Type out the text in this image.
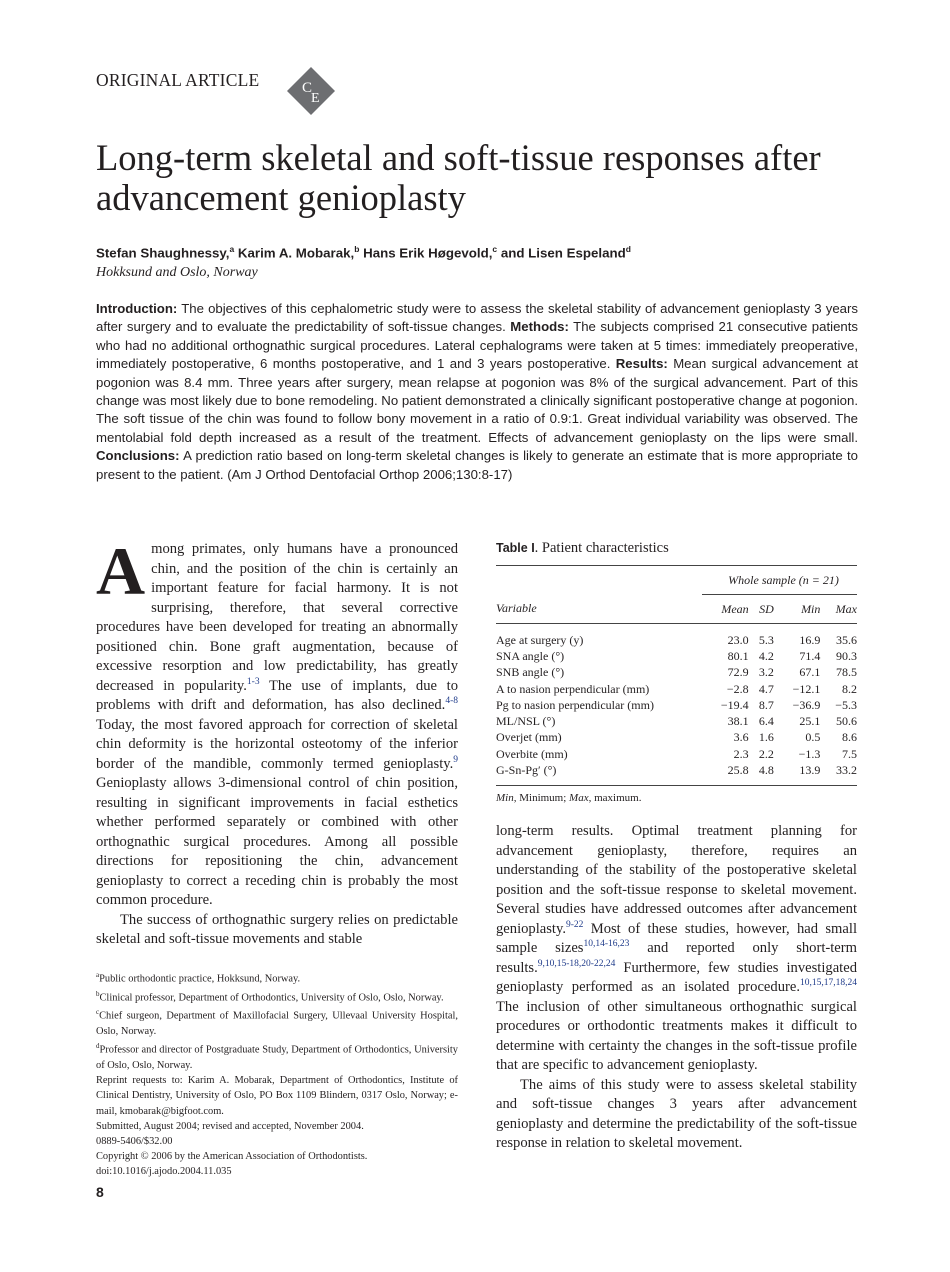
ORIGINAL ARTICLE	C
E
Long-term skeletal and soft-tissue responses after advancement genioplasty
Stefan Shaughnessy,$^a$ Karim A. Mobarak,$^b$ Hans Erik Høgevold,$^c$ and Lisen Espeland$^d$
Hokksund and Oslo, Norway
Introduction: The objectives of this cephalometric study were to assess the skeletal stability of advancement genioplasty 3 years after surgery and to evaluate the predictability of soft-tissue changes. Methods: The subjects comprised 21 consecutive patients who had no additional orthognathic surgical procedures. Lateral cephalograms were taken at 5 times: immediately preoperative, immediately postoperative, 6 months postoperative, and 1 and 3 years postoperative. Results: Mean surgical advancement at pogonion was 8.4 mm. Three years after surgery, mean relapse at pogonion was 8% of the surgical advancement. Part of this change was most likely due to bone remodeling. No patient demonstrated a clinically significant postoperative change at pogonion. The soft tissue of the chin was found to follow bony movement in a ratio of 0.9:1. Great individual variability was observed. The mentolabial fold depth increased as a result of the treatment. Effects of advancement genioplasty on the lips were small. Conclusions: A prediction ratio based on long-term skeletal changes is likely to generate an estimate that is more appropriate to present to the patient. (Am J Orthod Dentofacial Orthop 2006;130:8-17)

Among primates, only humans have a pronounced chin, and the position of the chin is certainly an important feature for facial harmony. It is not surprising, therefore, that several corrective procedures have been developed for treating an abnormally positioned chin. Bone graft augmentation, because of excessive resorption and low predictability, has greatly decreased in popularity.$^{1-3}$ The use of implants, due to problems with drift and deformation, has also declined.$^{4-8}$ Today, the most favored approach for correction of skeletal chin deformity is the horizontal osteotomy of the inferior border of the mandible, commonly termed genioplasty.$^9$ Genioplasty allows 3-dimensional control of chin position, resulting in significant improvements in facial esthetics whether performed separately or combined with other orthognathic surgical procedures. Among all possible directions for repositioning the chin, advancement genioplasty to correct a receding chin is probably the most common procedure.

The success of orthognathic surgery relies on predictable skeletal and soft-tissue movements and stable

long-term results. Optimal treatment planning for advancement genioplasty, therefore, requires an understanding of the stability of the postoperative skeletal position and the soft-tissue response to skeletal movement. Several studies have addressed outcomes after advancement genioplasty.$^{9-22}$ Most of these studies, however, had small sample sizes$^{10,14-16,23}$ and reported only short-term results.$^{9,10,15-18,20-22,24}$ Furthermore, few studies investigated genioplasty performed as an isolated procedure.$^{10,15,17,18,24}$ The inclusion of other simultaneous orthognathic surgical procedures or orthodontic treatments makes it difficult to determine with certainty the changes in the soft-tissue profile that are specific to advancement genioplasty.

The aims of this study were to assess skeletal stability and soft-tissue changes 3 years after advancement genioplasty and determine the predictability of the soft-tissue response in relation to skeletal movement.

Table I. Patient characteristics
	Whole sample (n = 21)			
Variable	Mean	SD	Min	Max
Age at surgery (y)	23.0	5.3	16.9	35.6
SNA angle (°)	80.1	4.2	71.4	90.3
SNB angle (°)	72.9	3.2	67.1	78.5
A to nasion perpendicular (mm)	−2.8	4.7	−12.1	8.2
Pg to nasion perpendicular (mm)	−19.4	8.7	−36.9	−5.3
ML/NSL (°)	38.1	6.4	25.1	50.6
Overjet (mm)	3.6	1.6	0.5	8.6
Overbite (mm)	2.3	2.2	−1.3	7.5
G-Sn-Pg′ (°)	25.8	4.8	13.9	33.2
Min, Minimum; Max, maximum.
$^a$Public orthodontic practice, Hokksund, Norway.
$^b$Clinical professor, Department of Orthodontics, University of Oslo, Oslo, Norway.
$^c$Chief surgeon, Department of Maxillofacial Surgery, Ullevaal University Hospital, Oslo, Norway.
$^d$Professor and director of Postgraduate Study, Department of Orthodontics, University of Oslo, Oslo, Norway.
Reprint requests to: Karim A. Mobarak, Department of Orthodontics, Institute of Clinical Dentistry, University of Oslo, PO Box 1109 Blindern, 0317 Oslo, Norway; e-mail, kmobarak@bigfoot.com.
Submitted, August 2004; revised and accepted, November 2004.
0889-5406/$32.00
Copyright © 2006 by the American Association of Orthodontists.
doi:10.1016/j.ajodo.2004.11.035
8
